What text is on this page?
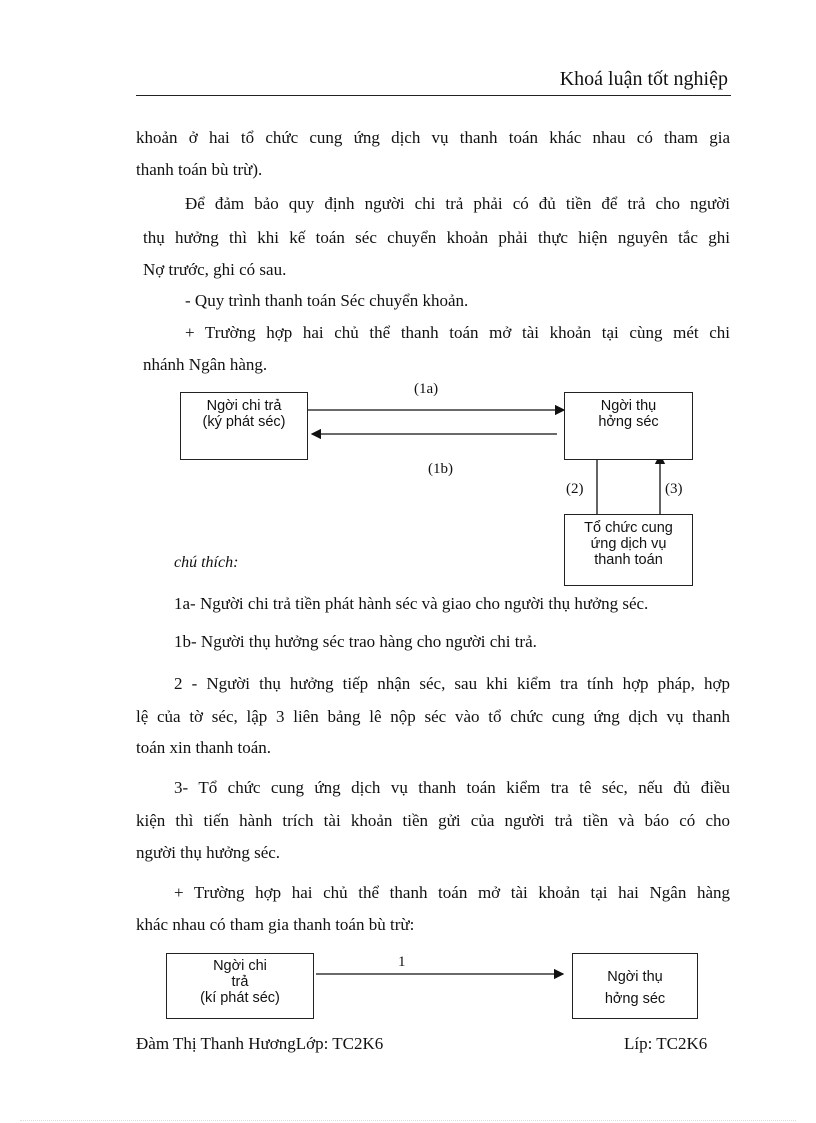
Khoá luận tốt nghiệp
khoản ở hai tổ chức cung ứng dịch vụ thanh toán khác nhau có tham gia
thanh toán bù trừ).
Để đảm bảo quy định người chi trả phải có đủ tiền để trả cho người
thụ hưởng thì khi kế toán séc chuyển khoản phải thực hiện nguyên tắc ghi
Nợ trước, ghi có sau.
- Quy trình thanh toán Séc chuyển khoản.
+ Trường hợp hai chủ thể thanh toán mở tài khoản tại cùng mét chi
nhánh Ngân hàng.
Ngời chi trả
(ký phát séc)
Ngời thụ
hởng séc
Tổ chức cung
ứng dịch vụ
thanh toán
(1a)
(1b)
(2)	(3)
chú thích:
1a- Người chi trả tiền phát hành séc và giao cho người thụ hưởng séc.
1b- Người thụ hưởng séc trao hàng cho người chi trả.
2 - Người thụ hưởng tiếp nhận séc, sau khi kiểm tra tính hợp pháp, hợp
lệ của tờ séc, lập 3 liên bảng lê nộp séc vào tổ chức cung ứng dịch vụ thanh
toán xin thanh toán.
3- Tổ chức cung ứng dịch vụ thanh toán kiểm tra tê séc, nếu đủ điều
kiện thì tiến hành trích tài khoản tiền gửi của người trả tiền và báo có cho
người thụ hưởng séc.
+ Trường hợp hai chủ thể thanh toán mở tài khoản tại hai Ngân hàng
khác nhau có tham gia thanh toán bù trừ:
Ngời chi
trả
(kí phát séc)
Ngời thụ
hởng séc
1
Đàm Thị Thanh HươngLớp: TC2K6	Líp: TC2K6
